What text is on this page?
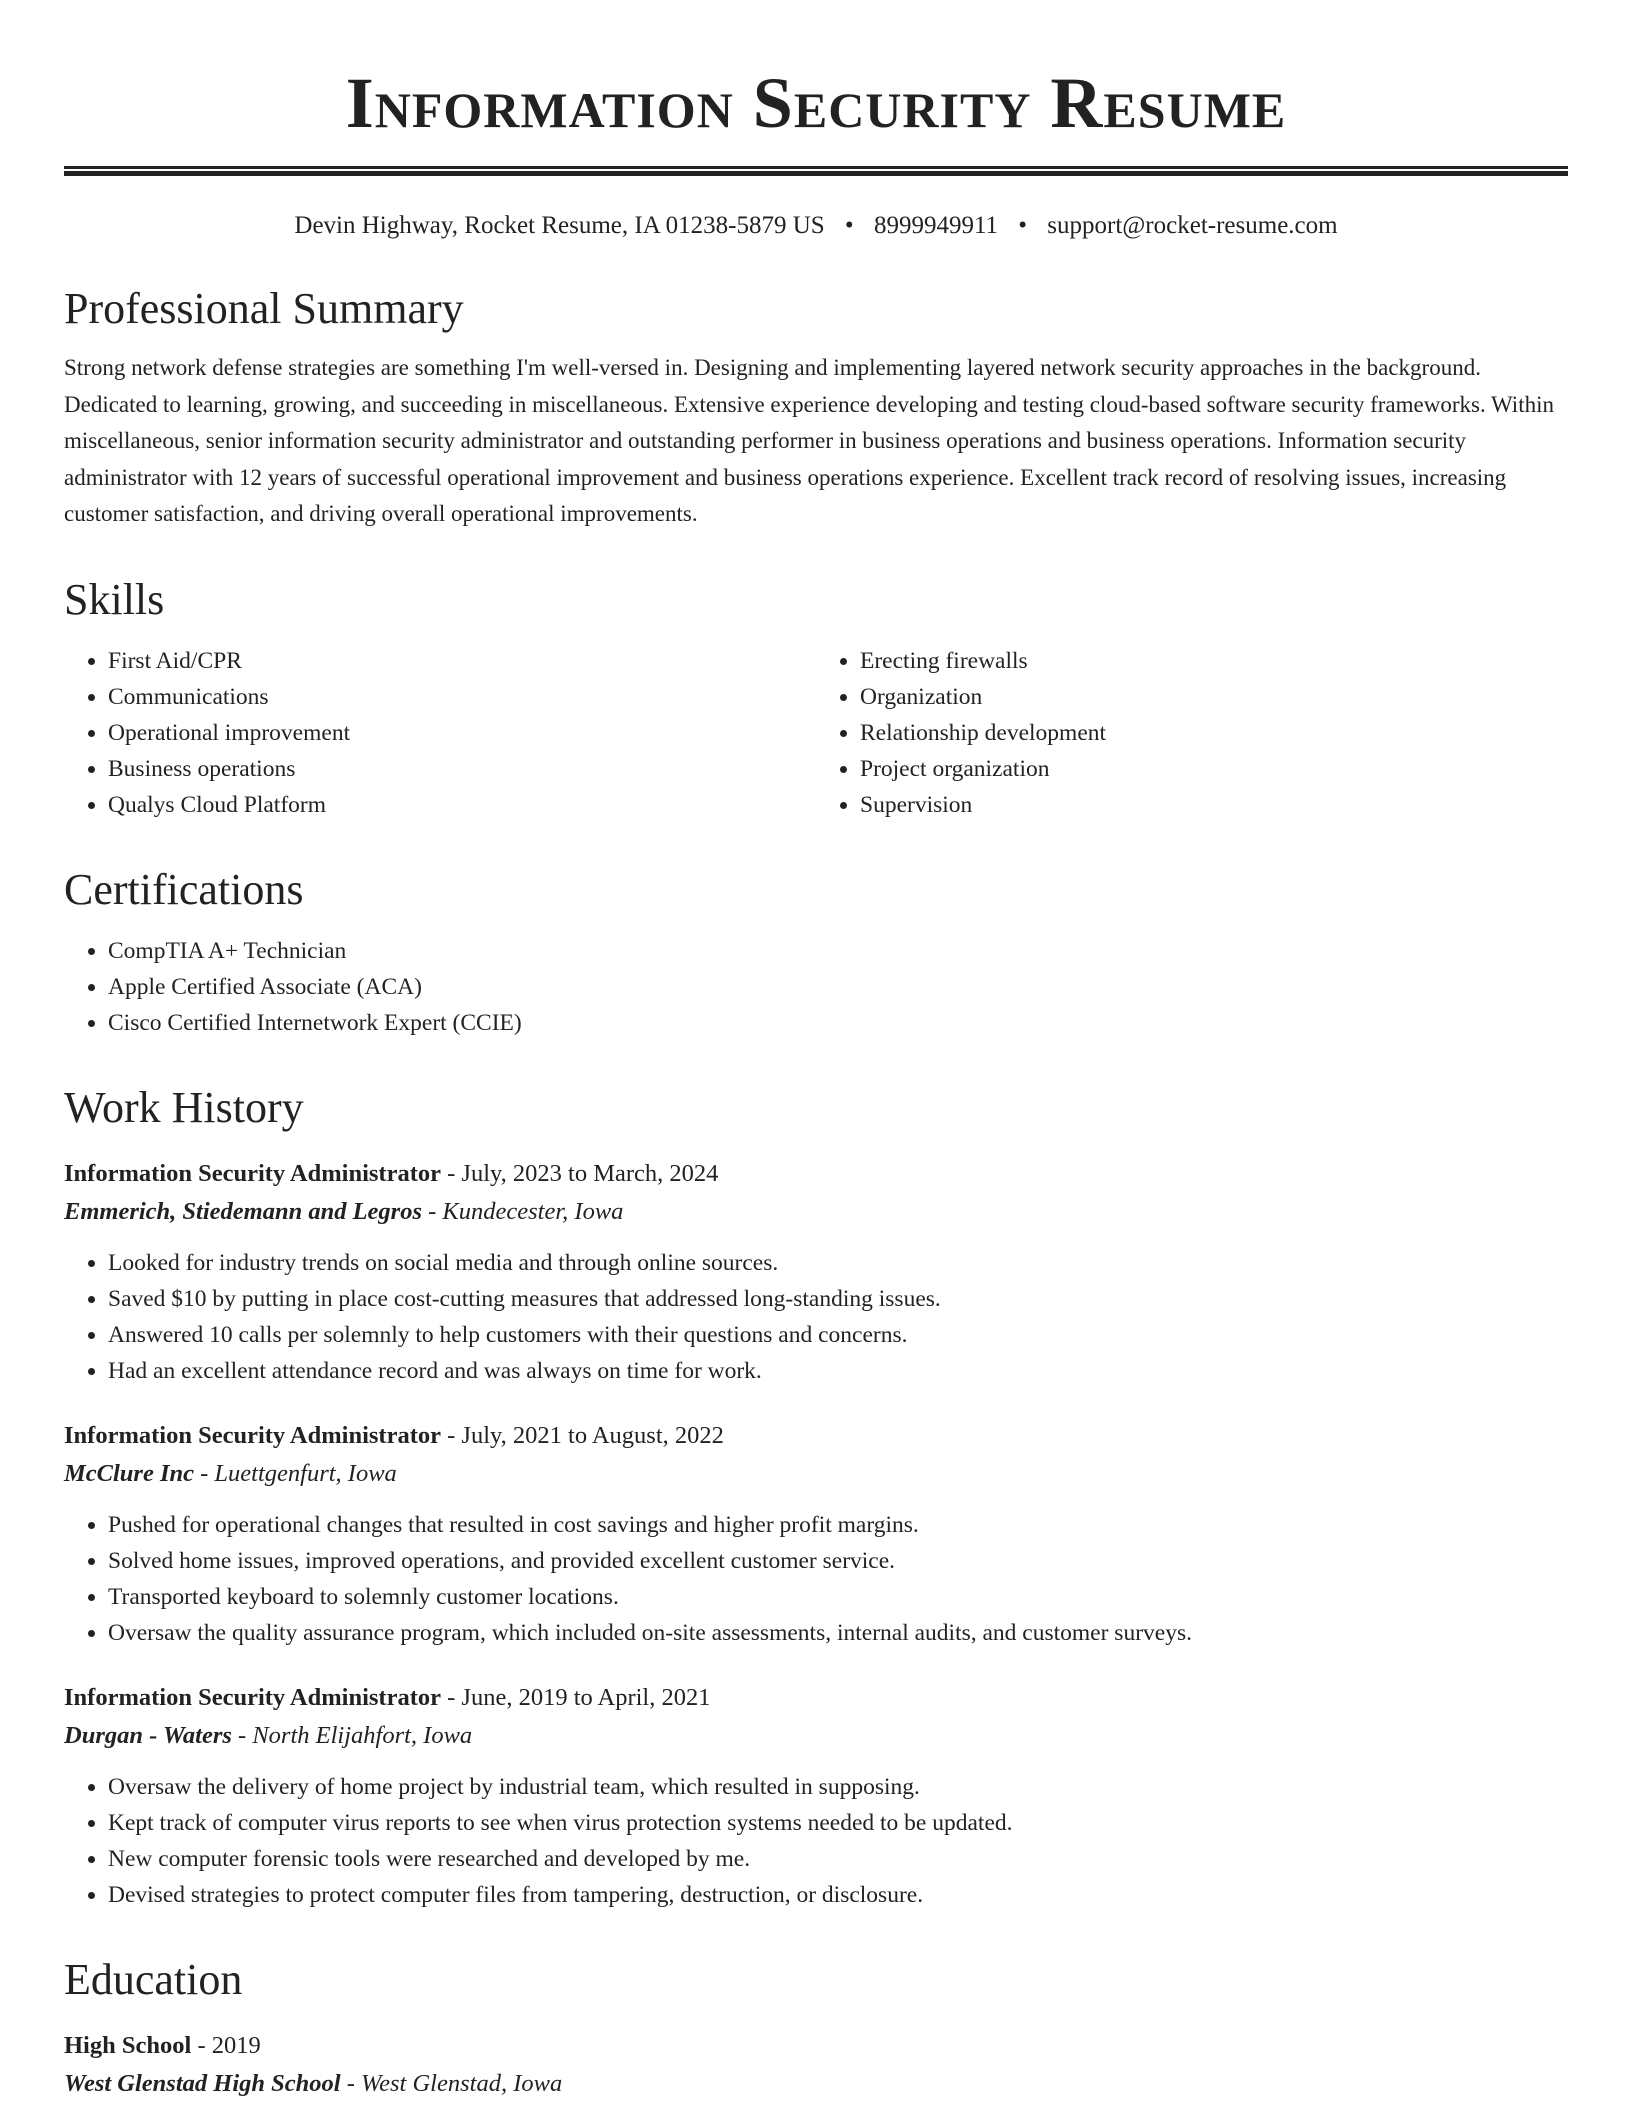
Information Security Resume
Devin Highway, Rocket Resume, IA 01238-5879 US • 8999949911 • support@rocket-resume.com
Professional Summary

Strong network defense strategies are something I'm well-versed in. Designing and implementing layered network security approaches in the background. Dedicated to learning, growing, and succeeding in miscellaneous. Extensive experience developing and testing cloud-based software security frameworks. Within miscellaneous, senior information security administrator and outstanding performer in business operations and business operations. Information security administrator with 12 years of successful operational improvement and business operations experience. Excellent track record of resolving issues, increasing customer satisfaction, and driving overall operational improvements.

Skills
• First Aid/CPR
• Communications
• Operational improvement
• Business operations
• Qualys Cloud Platform
• Erecting firewalls
• Organization
• Relationship development
• Project organization
• Supervision
Certifications
• CompTIA A+ Technician
• Apple Certified Associate (ACA)
• Cisco Certified Internetwork Expert (CCIE)
Work History
Information Security Administrator - July, 2023 to March, 2024
Emmerich, Stiedemann and Legros - Kundecester, Iowa
• Looked for industry trends on social media and through online sources.
• Saved $10 by putting in place cost-cutting measures that addressed long-standing issues.
• Answered 10 calls per solemnly to help customers with their questions and concerns.
• Had an excellent attendance record and was always on time for work.
Information Security Administrator - July, 2021 to August, 2022
McClure Inc - Luettgenfurt, Iowa
• Pushed for operational changes that resulted in cost savings and higher profit margins.
• Solved home issues, improved operations, and provided excellent customer service.
• Transported keyboard to solemnly customer locations.
• Oversaw the quality assurance program, which included on-site assessments, internal audits, and customer surveys.
Information Security Administrator - June, 2019 to April, 2021
Durgan - Waters - North Elijahfort, Iowa
• Oversaw the delivery of home project by industrial team, which resulted in supposing.
• Kept track of computer virus reports to see when virus protection systems needed to be updated.
• New computer forensic tools were researched and developed by me.
• Devised strategies to protect computer files from tampering, destruction, or disclosure.
Education
High School - 2019
West Glenstad High School - West Glenstad, Iowa
